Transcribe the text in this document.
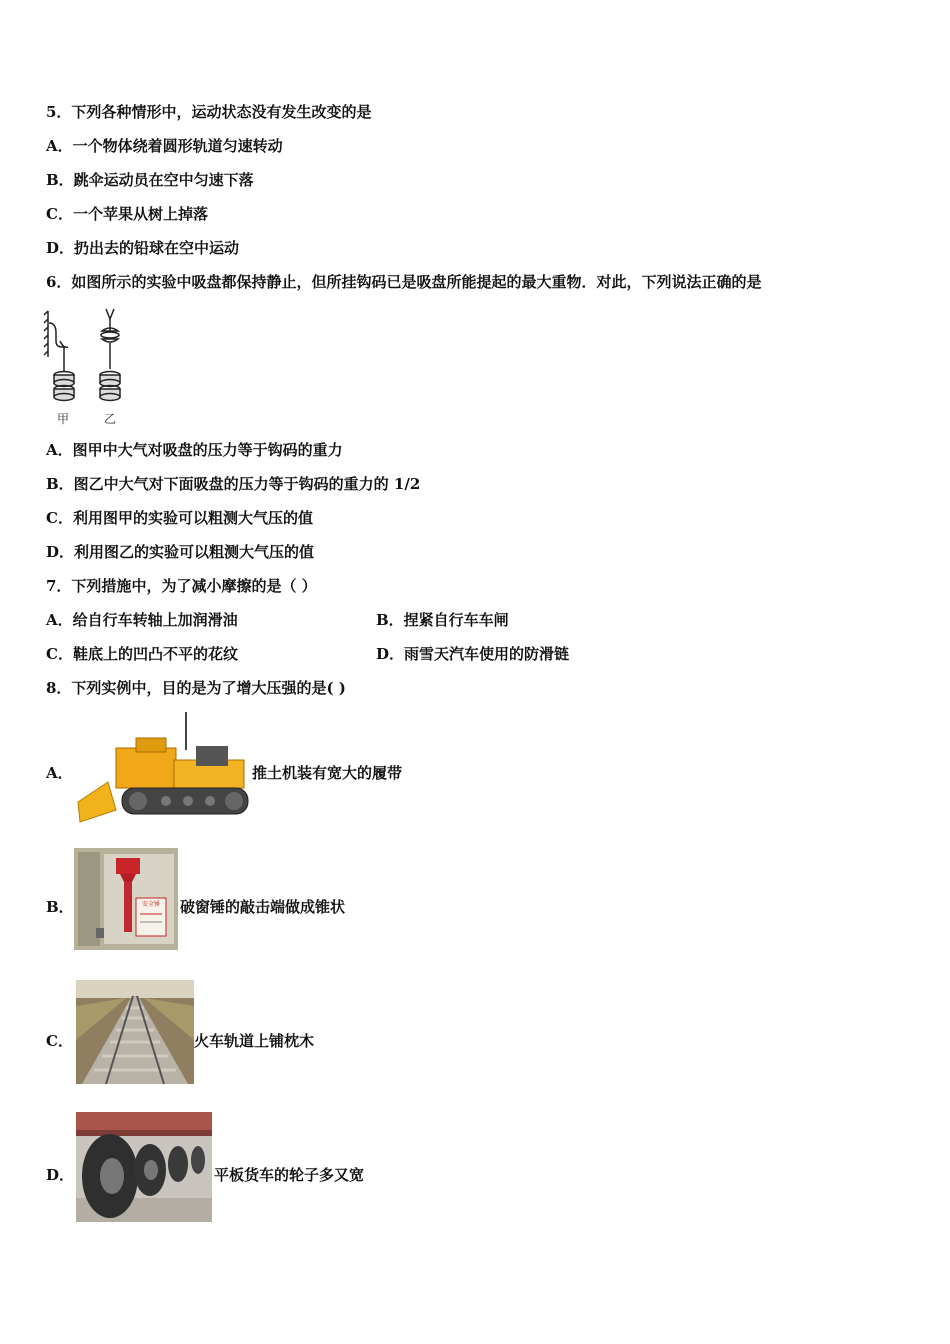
5．下列各种情形中，运动状态没有发生改变的是
A．一个物体绕着圆形轨道匀速转动
B．跳伞运动员在空中匀速下落
C．一个苹果从树上掉落
D．扔出去的铅球在空中运动
6．如图所示的实验中吸盘都保持静止，但所挂钩码已是吸盘所能提起的最大重物．对此，下列说法正确的是
甲	乙
A．图甲中大气对吸盘的压力等于钩码的重力
B．图乙中大气对下面吸盘的压力等于钩码的重力的 1/2
C．利用图甲的实验可以粗测大气压的值
D．利用图乙的实验可以粗测大气压的值
7．下列措施中，为了减小摩擦的是（ ）
A．给自行车转轴上加润滑油	B．捏紧自行车车闸
C．鞋底上的凹凸不平的花纹	D．雨雪天汽车使用的防滑链
8．下列实例中，目的是为了增大压强的是( )
A．	推土机装有宽大的履带
B．	安全锤 破窗锤的敲击端做成锥状
C．	火车轨道上铺枕木
D．	平板货车的轮子多又宽
